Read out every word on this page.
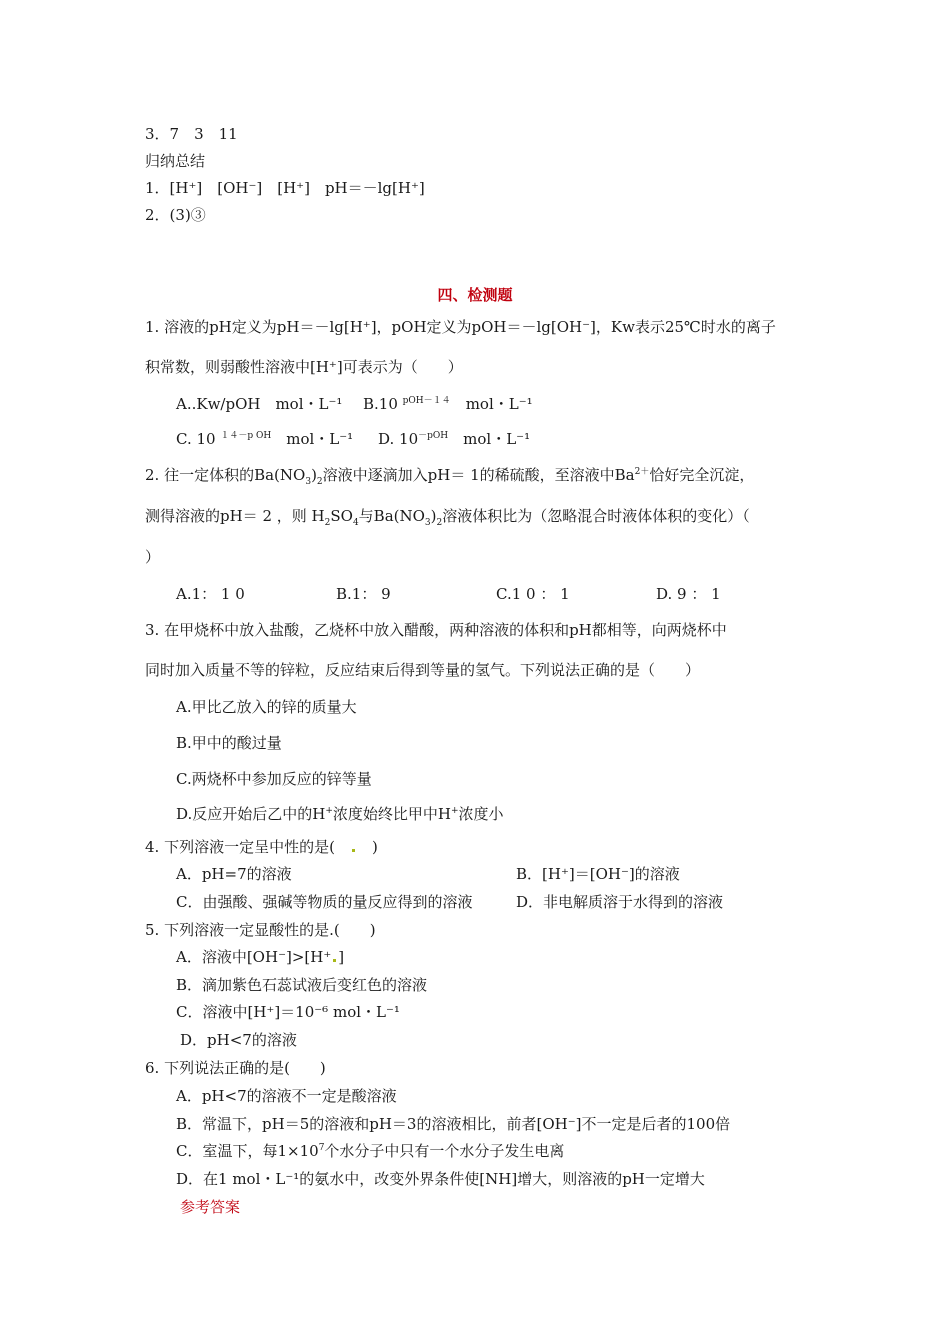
3．7　3　11
归纳总结
1．[H⁺]　[OH⁻]　[H⁺]　pH＝－lg[H⁺]
2．(3)③
四、检测题
1. 溶液的pH定义为pH＝－lg[H⁺]，pOH定义为pOH＝－lg[OH⁻]，Kw表示25℃时水的离子
积常数，则弱酸性溶液中[H⁺]可表示为（　　）
A..Kw/pOH　mol・L⁻¹ B.10 $^{pOH-14}$　 mol・L⁻¹
C. 10 $^{14-p OH}$　 mol・L⁻¹ D. $10^{-pOH}$　 mol・L⁻¹
2. 往一定体积的$Ba(NO_3)_2$溶液中逐滴加入pH＝ 1的稀硫酸，至溶液中$Ba^{2+}$恰好完全沉淀，
测得溶液的pH＝ 2 ，则 $H_2SO_4$与$Ba(NO_3)_2$溶液体积比为（忽略混合时液体体积的变化）（
）
A.1： 1 0	B.1： 9	C.1 0 ： 1	D. 9 ： 1
3. 在甲烧杯中放入盐酸，乙烧杯中放入醋酸，两种溶液的体积和pH都相等，向两烧杯中
同时加入质量不等的锌粒，反应结束后得到等量的氢气。下列说法正确的是（　　）
A.甲比乙放入的锌的质量大
B.甲中的酸过量
C.两烧杯中参加反应的锌等量
D.反应开始后乙中的H+浓度始终比甲中H+浓度小
4. 下列溶液一定呈中性的是(　　 )
A．pH=7的溶液	B．[H⁺]＝[OH⁻]的溶液
C．由强酸、强碱等物质的量反应得到的溶液	D．非电解质溶于水得到的溶液
5. 下列溶液一定显酸性的是.(　　)
A．溶液中[OH⁻]>[H⁺ ]
B．滴加紫色石蕊试液后变红色的溶液
C．溶液中[H⁺]＝10⁻⁶ mol・L⁻¹
D．pH<7的溶液
6. 下列说法正确的是(　　)
A．pH<7的溶液不一定是酸溶液
B．常温下，pH＝5的溶液和pH＝3的溶液相比，前者[OH⁻]不一定是后者的100倍
C．室温下，每$1\times 10^7$个水分子中只有一个水分子发生电离
D．在1 mol・L⁻¹的氨水中，改变外界条件使[NH]增大，则溶液的pH一定增大
参考答案
